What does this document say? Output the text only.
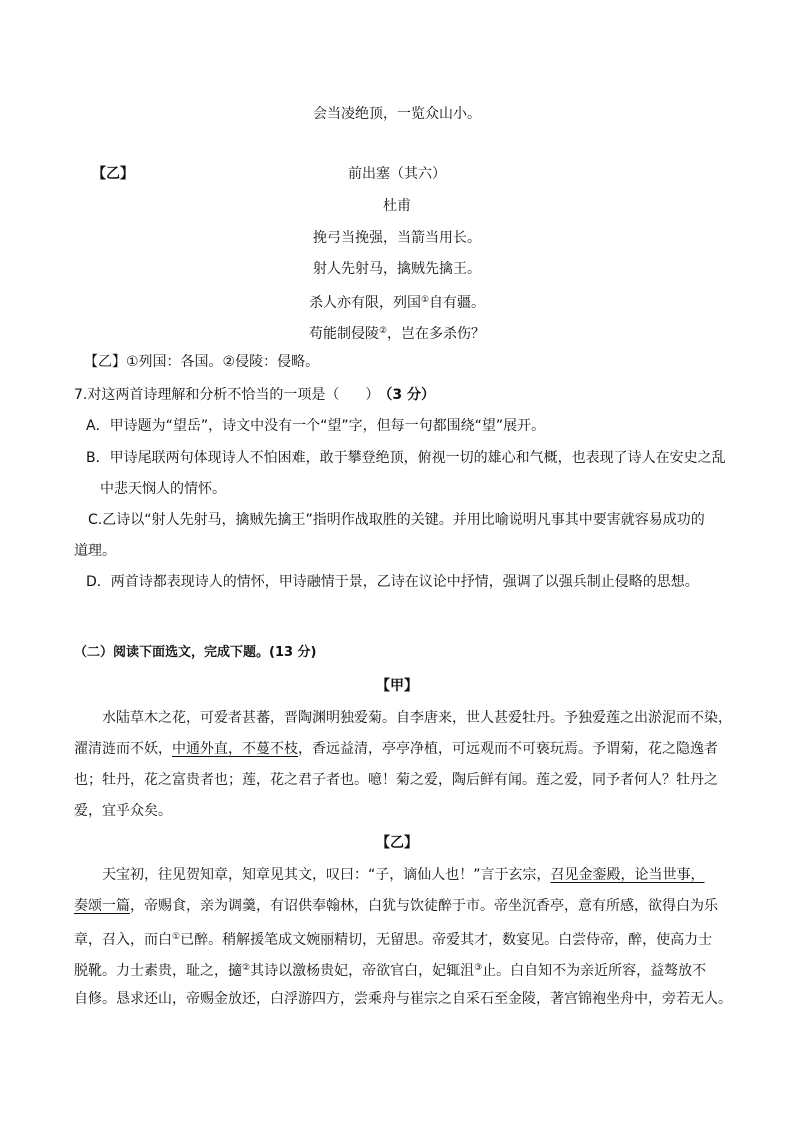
会当凌绝顶，一览众山小。
【乙】	前出塞（其六）
杜甫
挽弓当挽强，当箭当用长。
射人先射马，擒贼先擒王。
杀人亦有限，列国①自有疆。
苟能制侵陵②，岂在多杀伤？
【乙】①列国：各国。②侵陵：侵略。
7.对这两首诗理解和分析不恰当的一项是（ ） （3 分）
A．甲诗题为“望岳”，诗文中没有一个“望”字，但每一句都围绕“望”展开。
B．甲诗尾联两句体现诗人不怕困难，敢于攀登绝顶，俯视一切的雄心和气概，也表现了诗人在安史之乱
中悲天悯人的情怀。
C.乙诗以“射人先射马，擒贼先擒王”指明作战取胜的关键。并用比喻说明凡事其中要害就容易成功的
道理。
D．两首诗都表现诗人的情怀，甲诗融情于景，乙诗在议论中抒情，强调了以强兵制止侵略的思想。
（二）阅读下面选文，完成下题。(13 分)
【甲】
水陆草木之花，可爱者甚蕃，晋陶渊明独爱菊。自李唐来，世人甚爱牡丹。予独爱莲之出淤泥而不染，
濯清涟而不妖，中通外直，不蔓不枝，香远益清，亭亭净植，可远观而不可亵玩焉。予谓菊，花之隐逸者
也；牡丹，花之富贵者也；莲，花之君子者也。噫！菊之爱，陶后鲜有闻。莲之爱，同予者何人？牡丹之
爱，宜乎众矣。
【乙】
天宝初，往见贺知章，知章见其文，叹曰：“子，谪仙人也！”言于玄宗，召见金銮殿，论当世事，
奏颂一篇，帝赐食，亲为调羹，有诏供奉翰林，白犹与饮徒醉于市。帝坐沉香亭，意有所感，欲得白为乐
章，召入，而白①已醉。稍解援笔成文婉丽精切，无留思。帝爱其才，数宴见。白尝侍帝，醉，使高力士
脱靴。力士素贵，耻之，擿②其诗以激杨贵妃，帝欲官白，妃辄沮③止。白自知不为亲近所容，益骜放不
自修。恳求还山，帝赐金放还，白浮游四方，尝乘舟与崔宗之自采石至金陵，著宫锦袍坐舟中，旁若无人。
